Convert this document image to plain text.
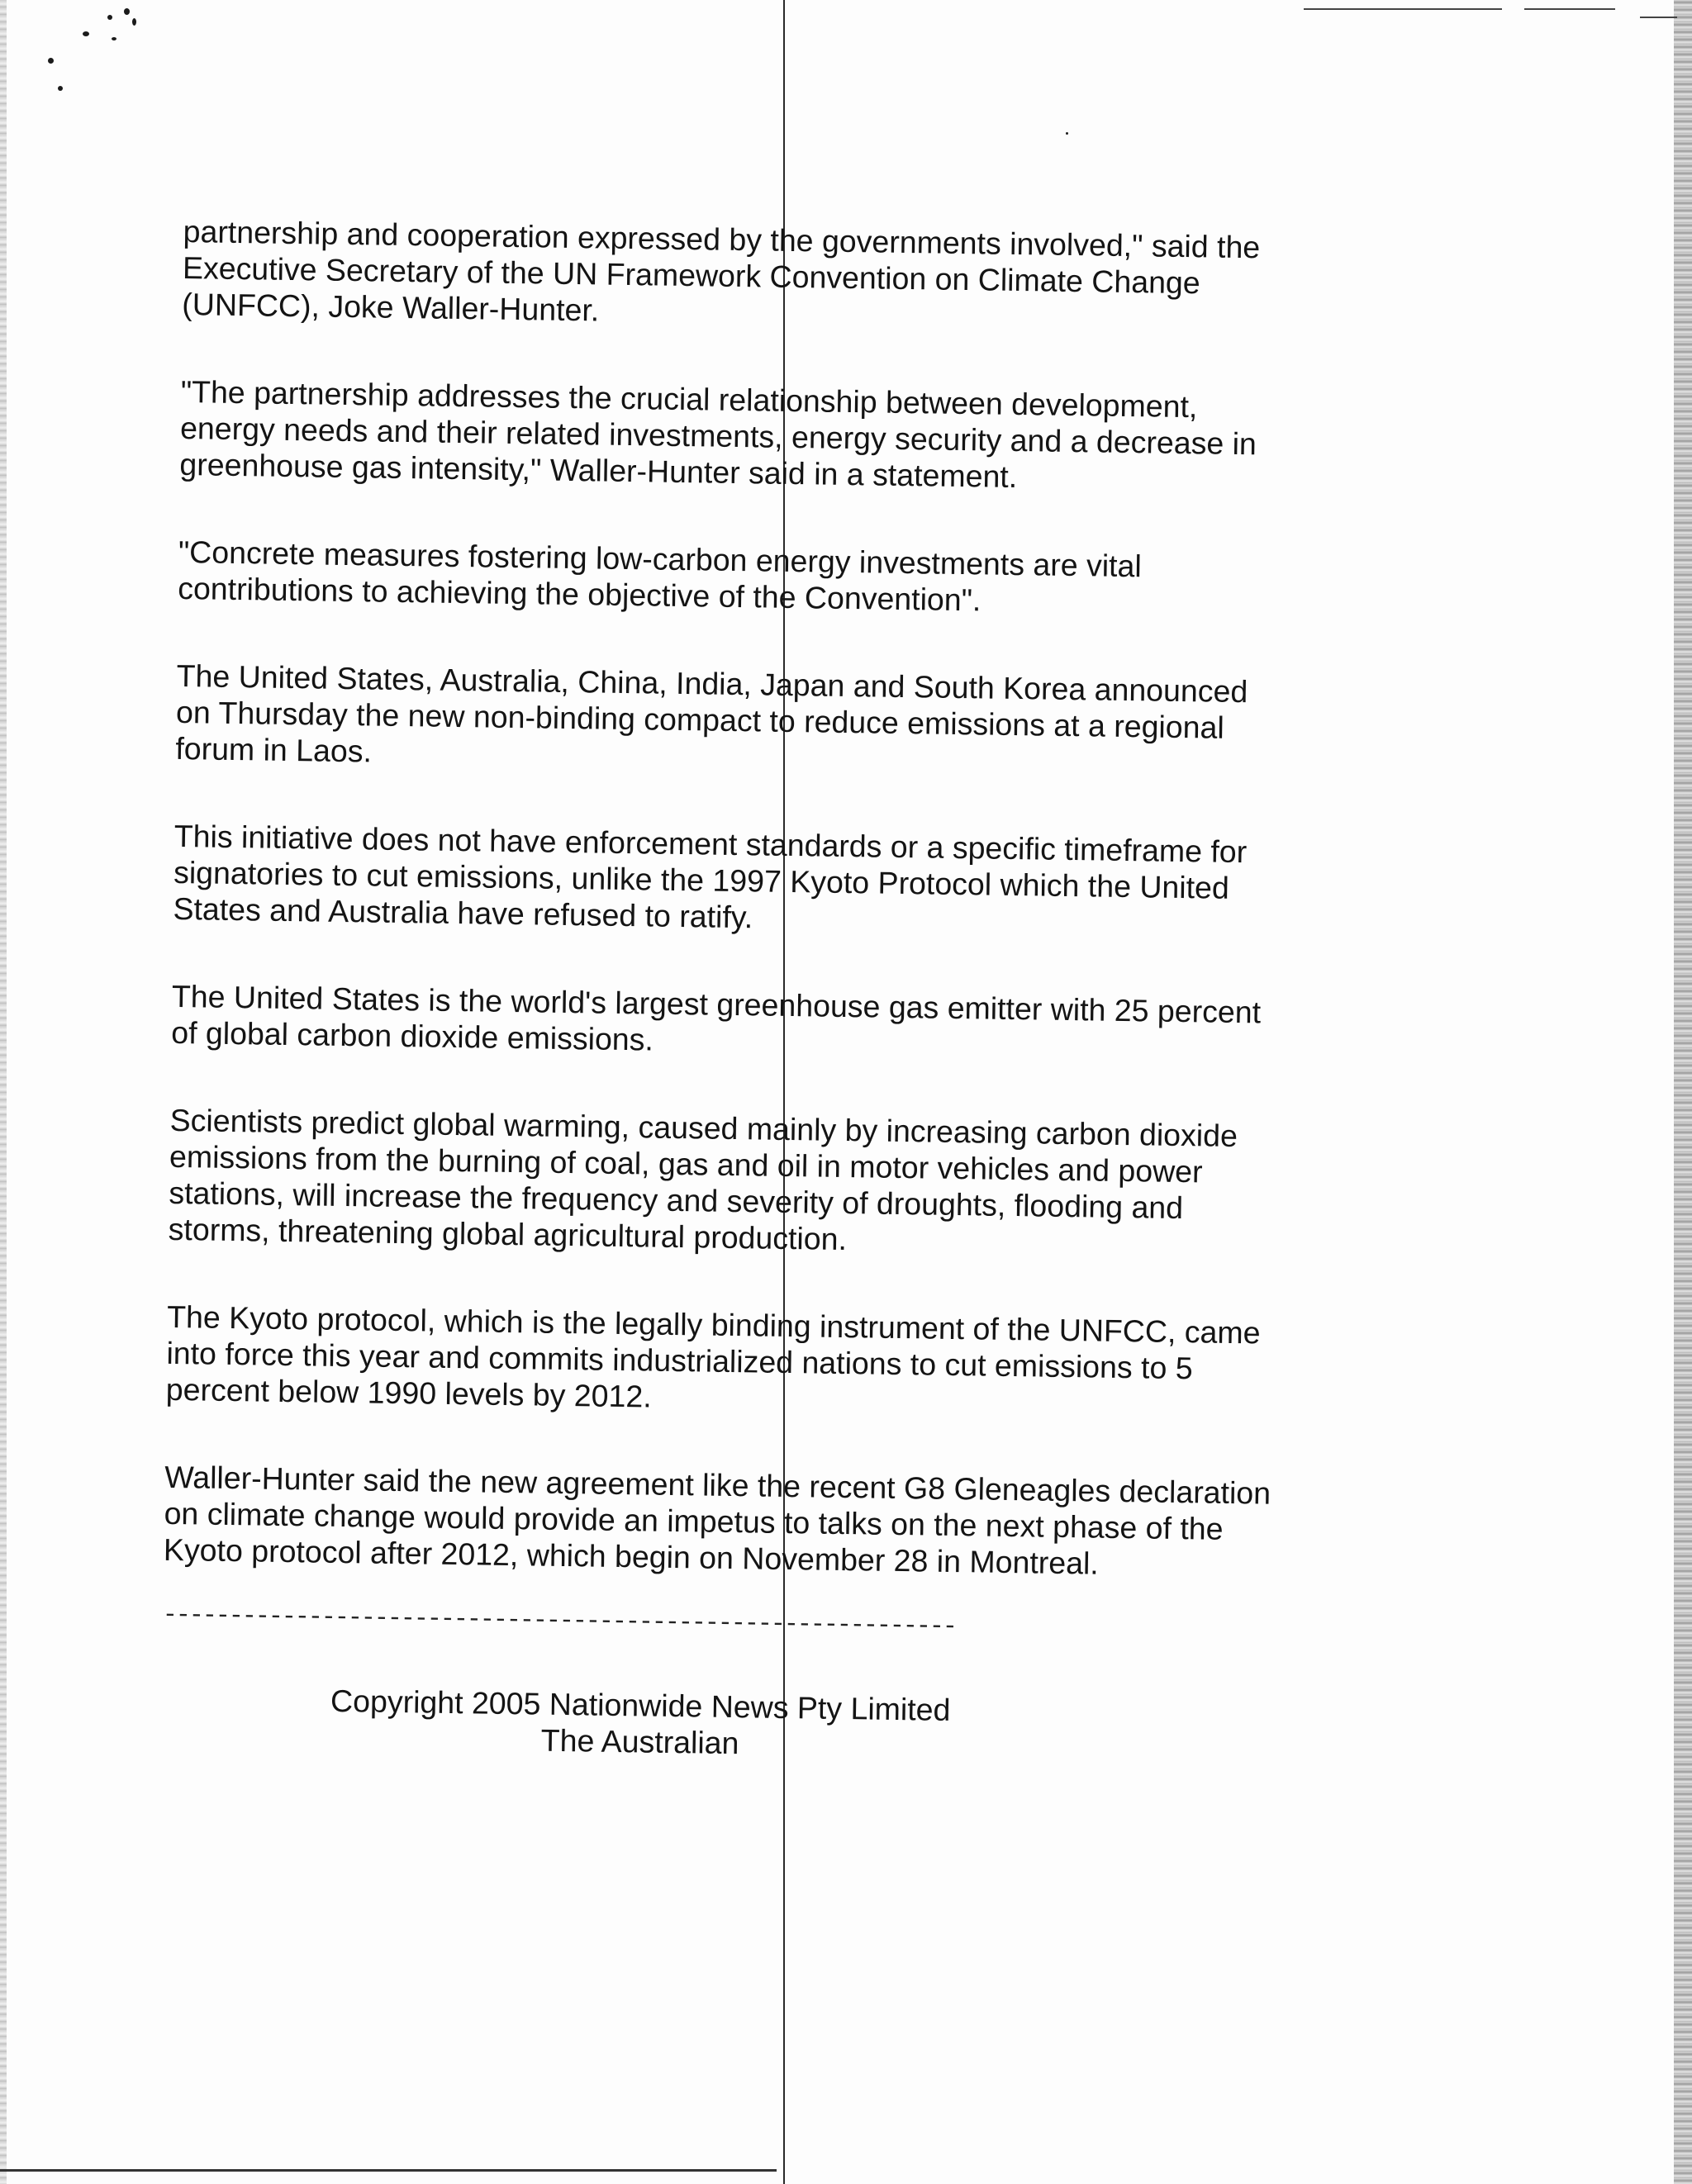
partnership and cooperation expressed by the governments involved," said the
Executive Secretary of the UN Framework Convention on Climate Change
(UNFCC), Joke Waller-Hunter.

"The partnership addresses the crucial relationship between development,
energy needs and their related investments, energy security and a decrease in
greenhouse gas intensity," Waller-Hunter said in a statement.

"Concrete measures fostering low-carbon energy investments are vital
contributions to achieving the objective of the Convention".

The United States, Australia, China, India, Japan and South Korea announced
on Thursday the new non-binding compact to reduce emissions at a regional
forum in Laos.

This initiative does not have enforcement standards or a specific timeframe for
signatories to cut emissions, unlike the 1997 Kyoto Protocol which the United
States and Australia have refused to ratify.

The United States is the world's largest greenhouse gas emitter with 25 percent
of global carbon dioxide emissions.

Scientists predict global warming, caused mainly by increasing carbon dioxide
emissions from the burning of coal, gas and oil in motor vehicles and power
stations, will increase the frequency and severity of droughts, flooding and
storms, threatening global agricultural production.

The Kyoto protocol, which is the legally binding instrument of the UNFCC, came
into force this year and commits industrialized nations to cut emissions to 5
percent below 1990 levels by 2012.

Waller-Hunter said the new agreement like the recent G8 Gleneagles declaration
on climate change would provide an impetus to talks on the next phase of the
Kyoto protocol after 2012, which begin on November 28 in Montreal.

------------------------------------------------------------
Copyright 2005 Nationwide News Pty Limited
The Australian
